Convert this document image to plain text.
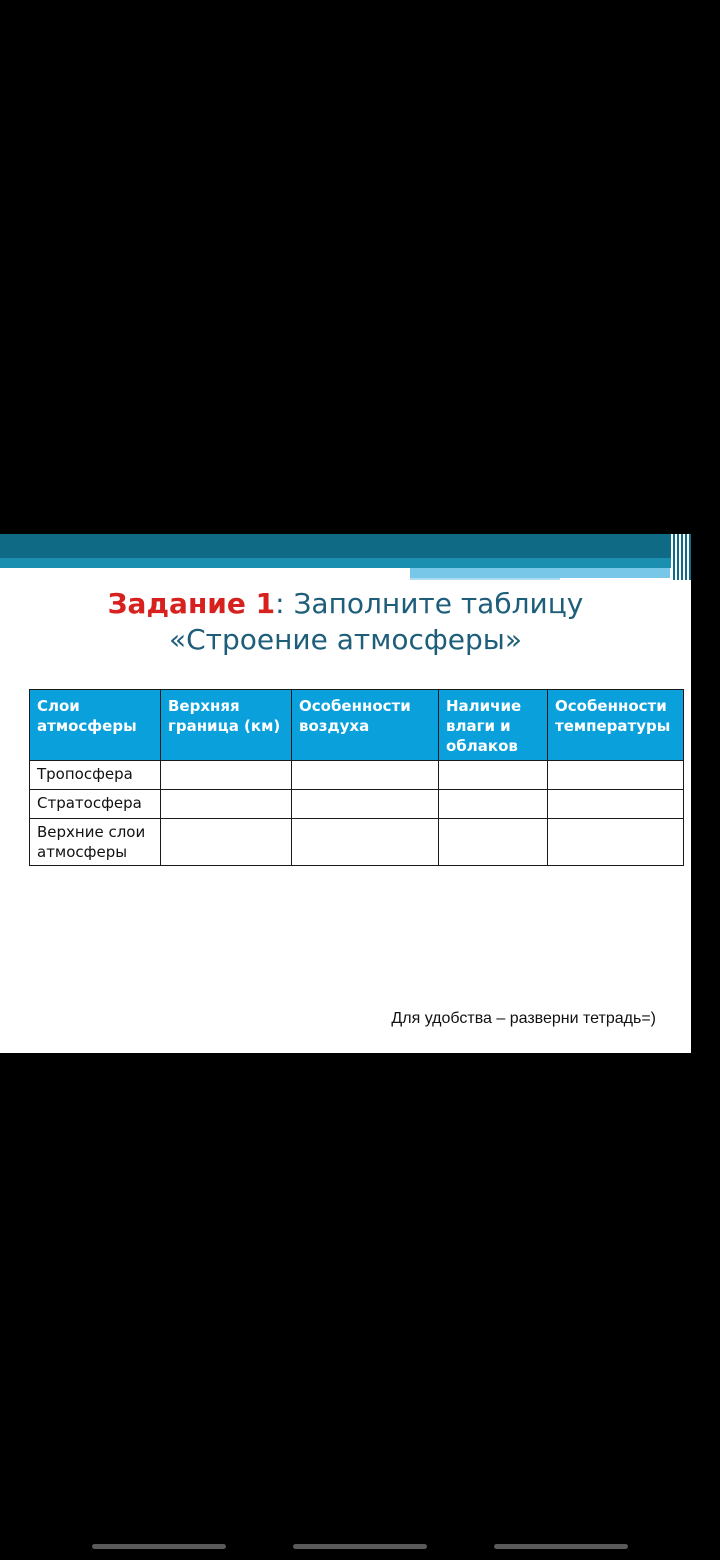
Задание 1: Заполните таблицу
«Строение атмосферы»
Слои атмосферы	Верхняя граница (км)	Особенности воздуха	Наличие влаги и облаков	Особенности температуры
Тропосфера				
Стратосфера				
Верхние слои атмосферы				
Для удобства – разверни тетрадь=)
